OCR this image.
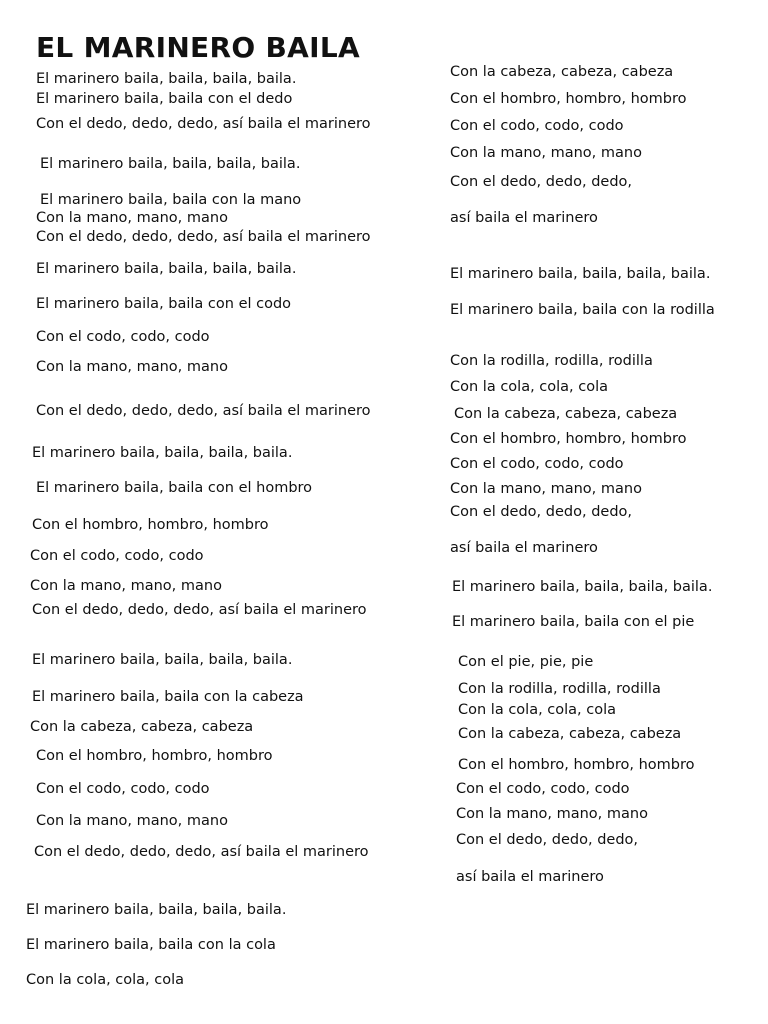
EL MARINERO BAILA
El marinero baila, baila, baila, baila.
El marinero baila, baila con el dedo
Con el dedo, dedo, dedo, así baila el marinero
El marinero baila, baila, baila, baila.
El marinero baila, baila con la mano
Con la mano, mano, mano
Con el dedo, dedo, dedo, así baila el marinero
El marinero baila, baila, baila, baila.
El marinero baila, baila con el codo
Con el codo, codo, codo
Con la mano, mano, mano
Con el dedo, dedo, dedo, así baila el marinero
El marinero baila, baila, baila, baila.
El marinero baila, baila con el hombro
Con el hombro, hombro, hombro
Con el codo, codo, codo
Con la mano, mano, mano
Con el dedo, dedo, dedo, así baila el marinero
El marinero baila, baila, baila, baila.
El marinero baila, baila con la cabeza
Con la cabeza, cabeza, cabeza
Con el hombro, hombro, hombro
Con el codo, codo, codo
Con la mano, mano, mano
Con el dedo, dedo, dedo, así baila el marinero
El marinero baila, baila, baila, baila.
El marinero baila, baila con la cola
Con la cola, cola, cola
Con la cabeza, cabeza, cabeza
Con el hombro, hombro, hombro
Con el codo, codo, codo
Con la mano, mano, mano
Con el dedo, dedo, dedo,
así baila el marinero
El marinero baila, baila, baila, baila.
El marinero baila, baila con la rodilla
Con la rodilla, rodilla, rodilla
Con la cola, cola, cola
Con la cabeza, cabeza, cabeza
Con el hombro, hombro, hombro
Con el codo, codo, codo
Con la mano, mano, mano
Con el dedo, dedo, dedo,
así baila el marinero
El marinero baila, baila, baila, baila.
El marinero baila, baila con el pie
Con el pie, pie, pie
Con la rodilla, rodilla, rodilla
Con la cola, cola, cola
Con la cabeza, cabeza, cabeza
Con el hombro, hombro, hombro
Con el codo, codo, codo
Con la mano, mano, mano
Con el dedo, dedo, dedo,
así baila el marinero
